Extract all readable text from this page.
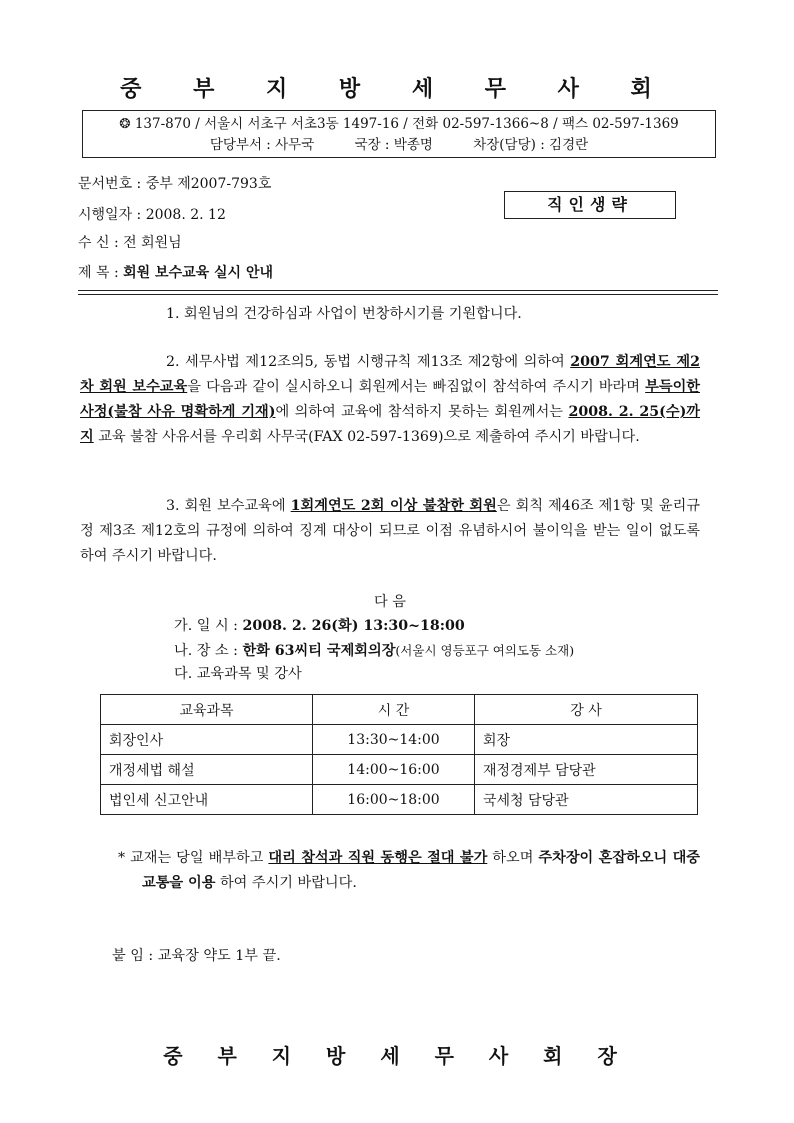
중 부 지 방 세 무 사 회
❂ 137-870 / 서울시 서초구 서초3동 1497-16 / 전화 02-597-1366~8 / 팩스 02-597-1369
담당부서 : 사무국	국장 : 박종명	차장(담당) : 김경란
문서번호 : 중부 제2007-793호
시행일자 : 2008. 2. 12
수 신 : 전 회원님
제 목 : 회원 보수교육 실시 안내
직인생략
1. 회원님의 건강하심과 사업이 번창하시기를 기원합니다.
2. 세무사법 제12조의5, 동법 시행규칙 제13조 제2항에 의하여 2007 회계연도 제2차 회원 보수교육을 다음과 같이 실시하오니 회원께서는 빠짐없이 참석하여 주시기 바라며 부득이한 사정(불참 사유 명확하게 기재)에 의하여 교육에 참석하지 못하는 회원께서는 2008. 2. 25(수)까지 교육 불참 사유서를 우리회 사무국(FAX 02-597-1369)으로 제출하여 주시기 바랍니다.
3. 회원 보수교육에 1회계연도 2회 이상 불참한 회원은 회칙 제46조 제1항 및 윤리규정 제3조 제12호의 규정에 의하여 징계 대상이 되므로 이점 유념하시어 불이익을 받는 일이 없도록 하여 주시기 바랍니다.
다 음
가. 일 시 : 2008. 2. 26(화) 13:30~18:00
나. 장 소 : 한화 63씨티 국제회의장(서울시 영등포구 여의도동 소재)
다. 교육과목 및 강사
교육과목	시 간	강 사
회장인사	13:30~14:00	회장
개정세법 해설	14:00~16:00	재정경제부 담당관
법인세 신고안내	16:00~18:00	국세청 담당관
* 교재는 당일 배부하고 대리 참석과 직원 동행은 절대 불가 하오며 주차장이 혼잡하오니 대중교통을 이용 하여 주시기 바랍니다.
붙 임 : 교육장 약도 1부 끝.
중 부 지 방 세 무 사 회 장
